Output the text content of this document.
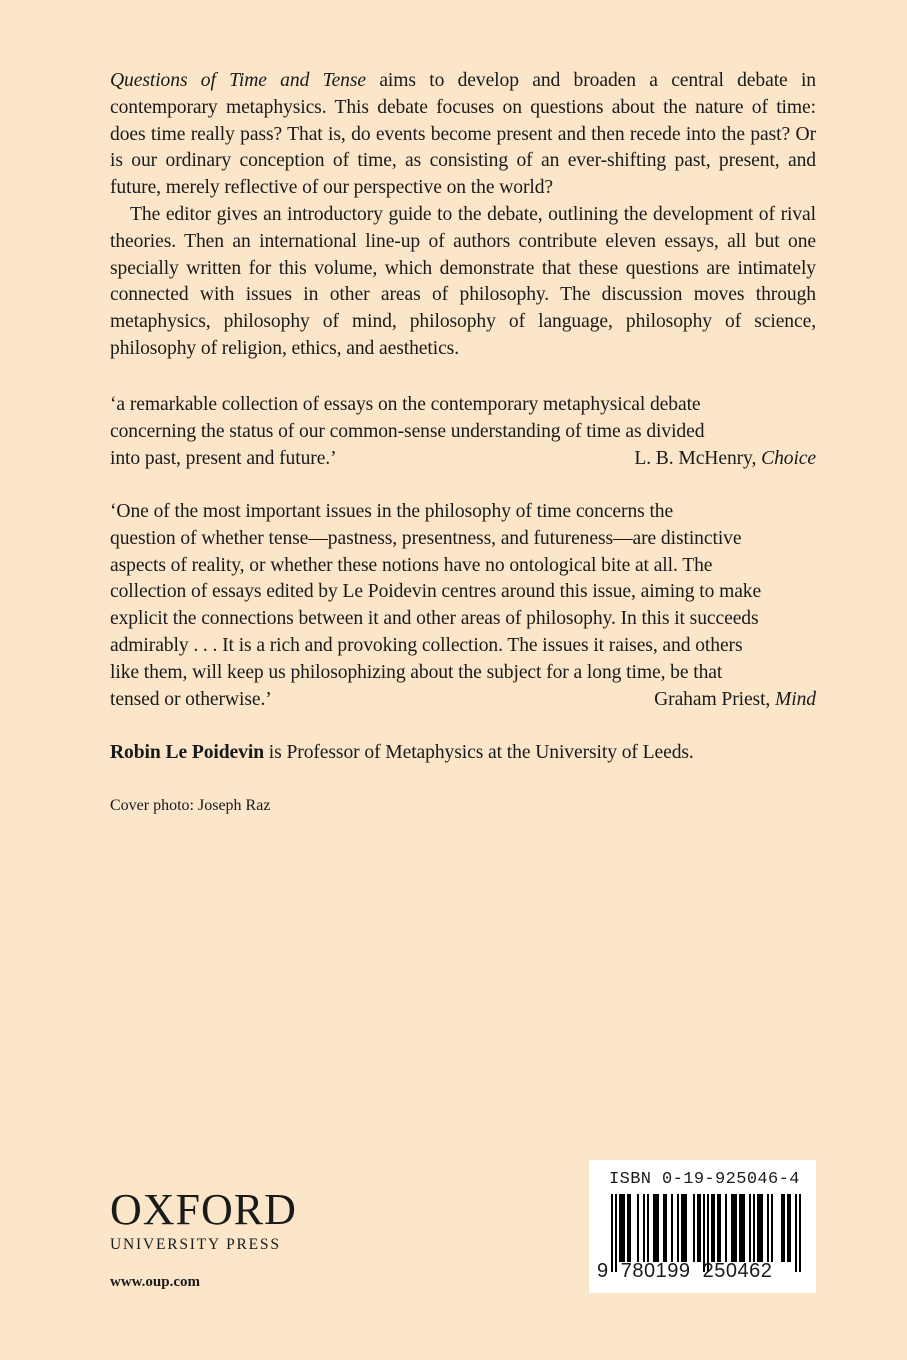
Questions of Time and Tense aims to develop and broaden a central debate in contemporary metaphysics. This debate focuses on questions about the nature of time: does time really pass? That is, do events become present and then recede into the past? Or is our ordinary conception of time, as consisting of an ever-shifting past, present, and future, merely reflective of our perspective on the world?

The editor gives an introductory guide to the debate, outlining the development of rival theories. Then an international line-up of authors contribute eleven essays, all but one specially written for this volume, which demonstrate that these questions are intimately connected with issues in other areas of philosophy. The discussion moves through metaphysics, philosophy of mind, philosophy of language, philosophy of science, philosophy of religion, ethics, and aesthetics.

‘a remarkable collection of essays on the contemporary metaphysical debate

concerning the status of our common-sense understanding of time as divided

into past, present and future.’	L. B. McHenry, Choice

‘One of the most important issues in the philosophy of time concerns the

question of whether tense—pastness, presentness, and futureness—are distinctive

aspects of reality, or whether these notions have no ontological bite at all. The

collection of essays edited by Le Poidevin centres around this issue, aiming to make

explicit the connections between it and other areas of philosophy. In this it succeeds

admirably . . . It is a rich and provoking collection. The issues it raises, and others

like them, will keep us philosophizing about the subject for a long time, be that

tensed or otherwise.’	Graham Priest, Mind
Robin Le Poidevin is Professor of Metaphysics at the University of Leeds.
Cover photo: Joseph Raz
OXFORD
UNIVERSITY PRESS
www.oup.com
ISBN 0-19-925046-4
9 780199 250462
